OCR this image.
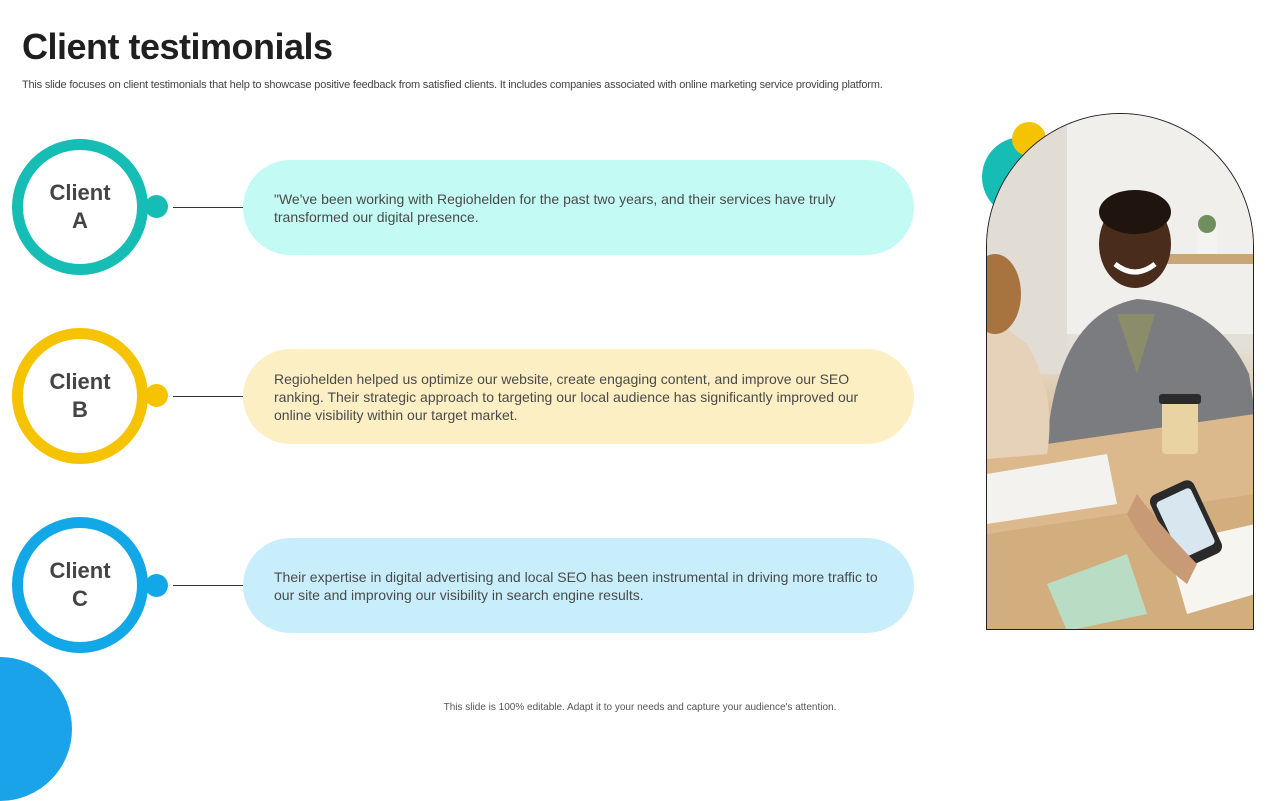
Client testimonials

This slide focuses on client testimonials that help to showcase positive feedback from satisfied clients. It includes companies associated with online marketing service providing platform.

Client
A
"We've been working with Regiohelden for the past two years, and their services have truly transformed our digital presence.
Client
B
Regiohelden helped us optimize our website, create engaging content, and improve our SEO ranking. Their strategic approach to targeting our local audience has significantly improved our online visibility within our target market.
Client
C
Their expertise in digital advertising and local SEO has been instrumental in driving more traffic to our site and improving our visibility in search engine results.
This slide is 100% editable. Adapt it to your needs and capture your audience's attention.
